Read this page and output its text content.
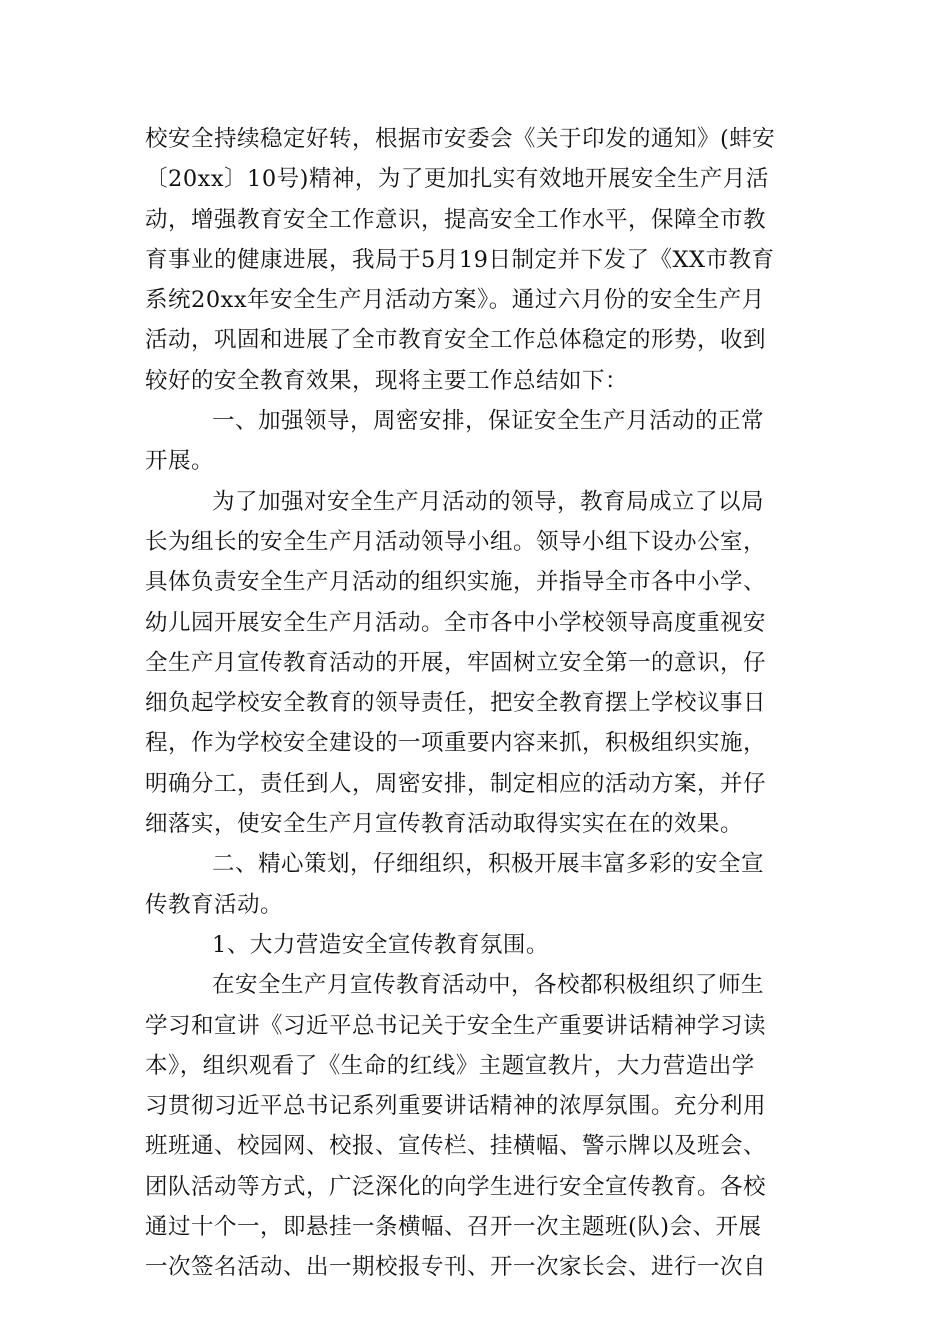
校安全持续稳定好转，根据市安委会《关于印发的通知》(蚌安
〔20xx〕10号)精神，为了更加扎实有效地开展安全生产月活
动，增强教育安全工作意识，提高安全工作水平，保障全市教
育事业的健康进展，我局于5月19日制定并下发了《XX市教育
系统20xx年安全生产月活动方案》。通过六月份的安全生产月
活动，巩固和进展了全市教育安全工作总体稳定的形势，收到
较好的安全教育效果，现将主要工作总结如下：
一、加强领导，周密安排，保证安全生产月活动的正常
开展。
为了加强对安全生产月活动的领导，教育局成立了以局
长为组长的安全生产月活动领导小组。领导小组下设办公室，
具体负责安全生产月活动的组织实施，并指导全市各中小学、
幼儿园开展安全生产月活动。全市各中小学校领导高度重视安
全生产月宣传教育活动的开展，牢固树立安全第一的意识，仔
细负起学校安全教育的领导责任，把安全教育摆上学校议事日
程，作为学校安全建设的一项重要内容来抓，积极组织实施，
明确分工，责任到人，周密安排，制定相应的活动方案，并仔
细落实，使安全生产月宣传教育活动取得实实在在的效果。
二、精心策划，仔细组织，积极开展丰富多彩的安全宣
传教育活动。
1、大力营造安全宣传教育氛围。
在安全生产月宣传教育活动中，各校都积极组织了师生
学习和宣讲《习近平总书记关于安全生产重要讲话精神学习读
本》，组织观看了《生命的红线》主题宣教片，大力营造出学
习贯彻习近平总书记系列重要讲话精神的浓厚氛围。充分利用
班班通、校园网、校报、宣传栏、挂横幅、警示牌以及班会、
团队活动等方式，广泛深化的向学生进行安全宣传教育。各校
通过十个一，即悬挂一条横幅、召开一次主题班(队)会、开展
一次签名活动、出一期校报专刊、开一次家长会、进行一次自
